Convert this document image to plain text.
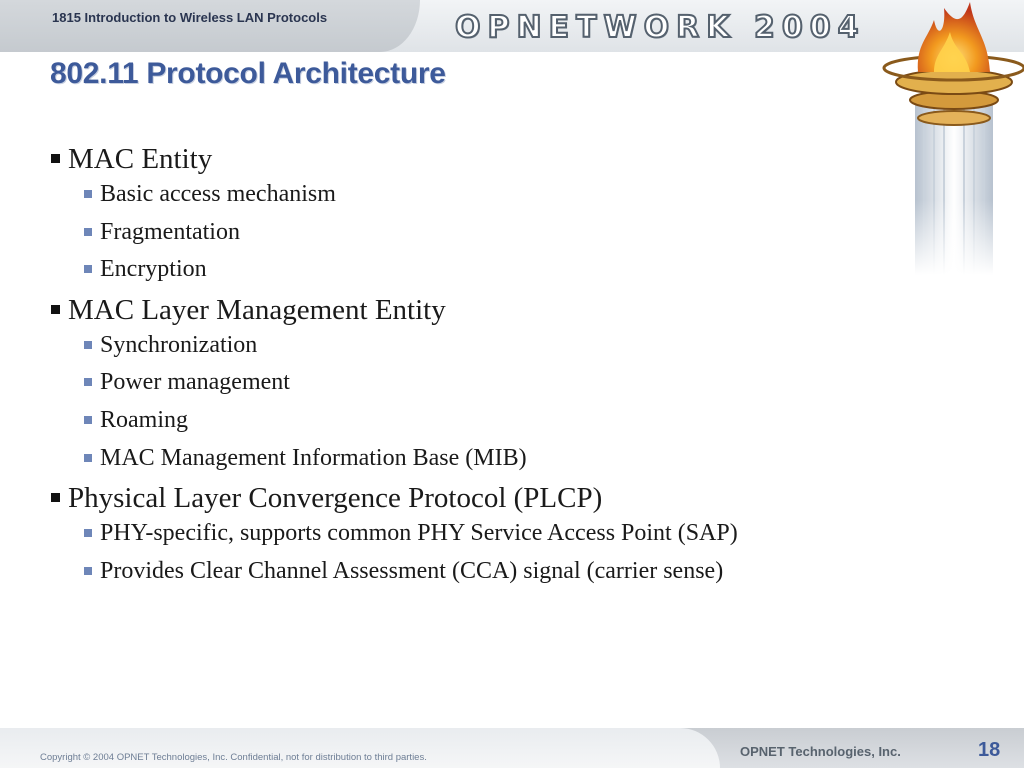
1815 Introduction to Wireless LAN Protocols	OPNETWORK 2004
802.11 Protocol Architecture
MAC Entity
Basic access mechanism
Fragmentation
Encryption
MAC Layer Management Entity
Synchronization
Power management
Roaming
MAC Management Information Base (MIB)
Physical Layer Convergence Protocol (PLCP)
PHY-specific, supports common PHY Service Access Point (SAP)
Provides Clear Channel Assessment (CCA) signal (carrier sense)
Copyright © 2004 OPNET Technologies, Inc. Confidential, not for distribution to third parties.	OPNET Technologies, Inc.	18
